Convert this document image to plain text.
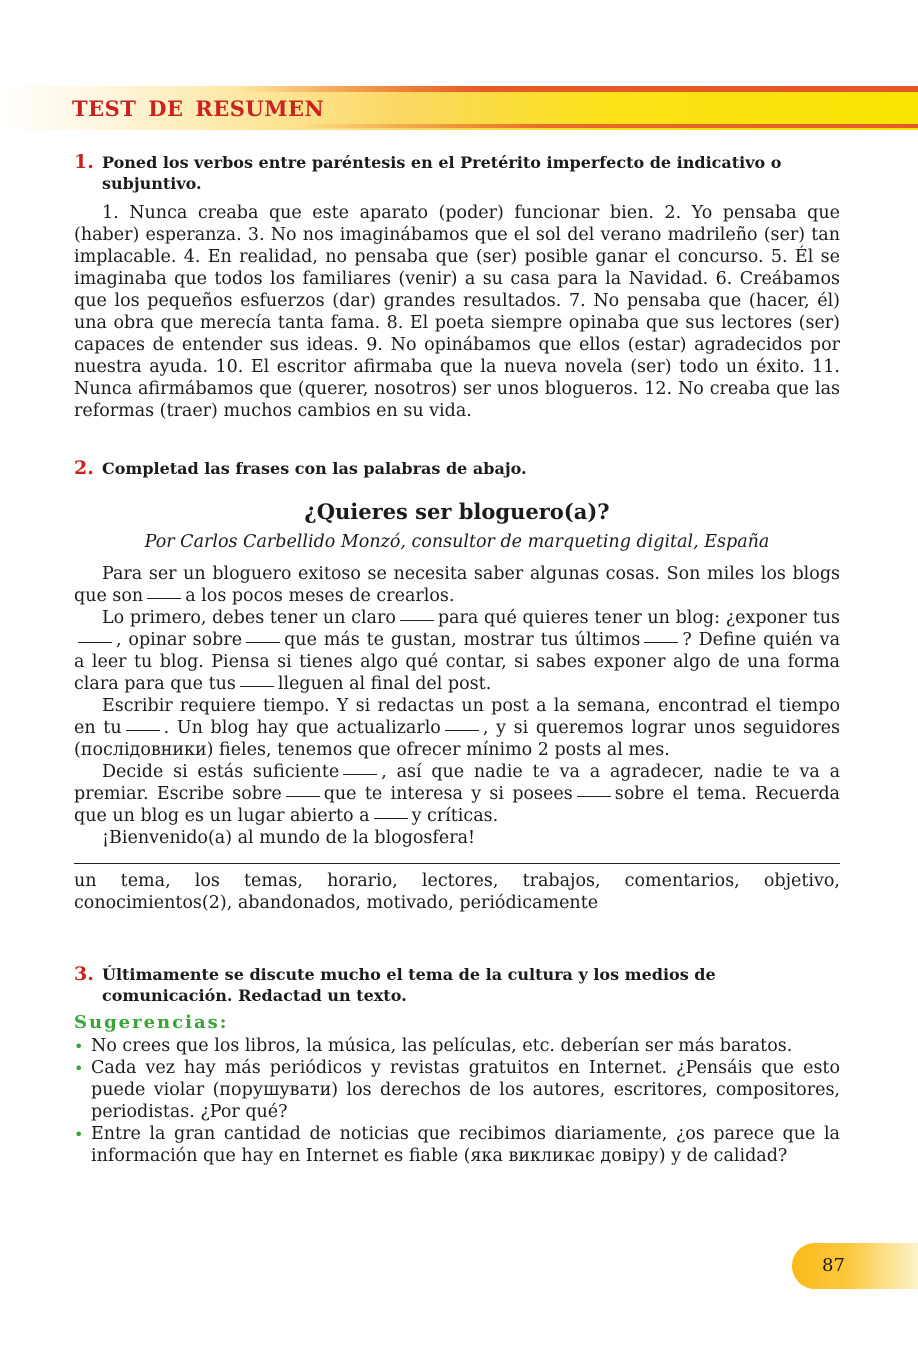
TEST DE RESUMEN
1. Poned los verbos entre paréntesis en el Pretérito imperfecto de indicativo o subjuntivo.

1. Nunca creaba que este aparato (poder) funcionar bien. 2. Yo pensaba que (haber) esperanza. 3. No nos imaginábamos que el sol del verano madrileño (ser) tan implacable. 4. En realidad, no pensaba que (ser) posible ganar el concurso. 5. Él se imaginaba que todos los familiares (venir) a su casa para la Navidad. 6. Creábamos que los pequeños esfuerzos (dar) grandes resultados. 7. No pensaba que (hacer, él) una obra que merecía tanta fama. 8. El poeta siempre opinaba que sus lectores (ser) capaces de entender sus ideas. 9. No opinábamos que ellos (estar) agradecidos por nuestra ayuda. 10. El escritor afirmaba que la nueva novela (ser) todo un éxito. 11. Nunca afirmábamos que (querer, nosotros) ser unos blogueros. 12. No creaba que las reformas (traer) muchos cambios en su vida.

2. Completad las frases con las palabras de abajo.
¿Quieres ser bloguero(a)?
Por Carlos Carbellido Monzó, consultor de marqueting digital, España

Para ser un bloguero exitoso se necesita saber algunas cosas. Son miles los blogs que son a los pocos meses de crearlos.

Lo primero, debes tener un claro para qué quieres tener un blog: ¿exponer tus, opinar sobre que más te gustan, mostrar tus últimos ? Define quién va a leer tu blog. Piensa si tienes algo qué contar, si sabes exponer algo de una forma clara para que tus lleguen al final del post.

Escribir requiere tiempo. Y si redactas un post a la semana, encontrad el tiempo en tu . Un blog hay que actualizarlo , y si queremos lograr unos seguidores (послідовники) fieles, tenemos que ofrecer mínimo 2 posts al mes.

Decide si estás suficiente , así que nadie te va a agradecer, nadie te va a premiar. Escribe sobre que te interesa y si posees sobre el tema. Recuerda que un blog es un lugar abierto a y críticas.

¡Bienvenido(a) al mundo de la blogosfera!

un tema, los temas, horario, lectores, trabajos, comentarios, objetivo, conocimientos(2), abandonados, motivado, periódicamente

3. Últimamente se discute mucho el tema de la cultura y los medios de comunicación. Redactad un texto.
Sugerencias:
• No crees que los libros, la música, las películas, etc. deberían ser más baratos.
• Cada vez hay más periódicos y revistas gratuitos en Internet. ¿Pensáis que esto puede violar (порушувати) los derechos de los autores, escritores, compositores, periodistas. ¿Por qué?
• Entre la gran cantidad de noticias que recibimos diariamente, ¿os parece que la información que hay en Internet es fiable (яка викликає довіру) y de calidad?
87
